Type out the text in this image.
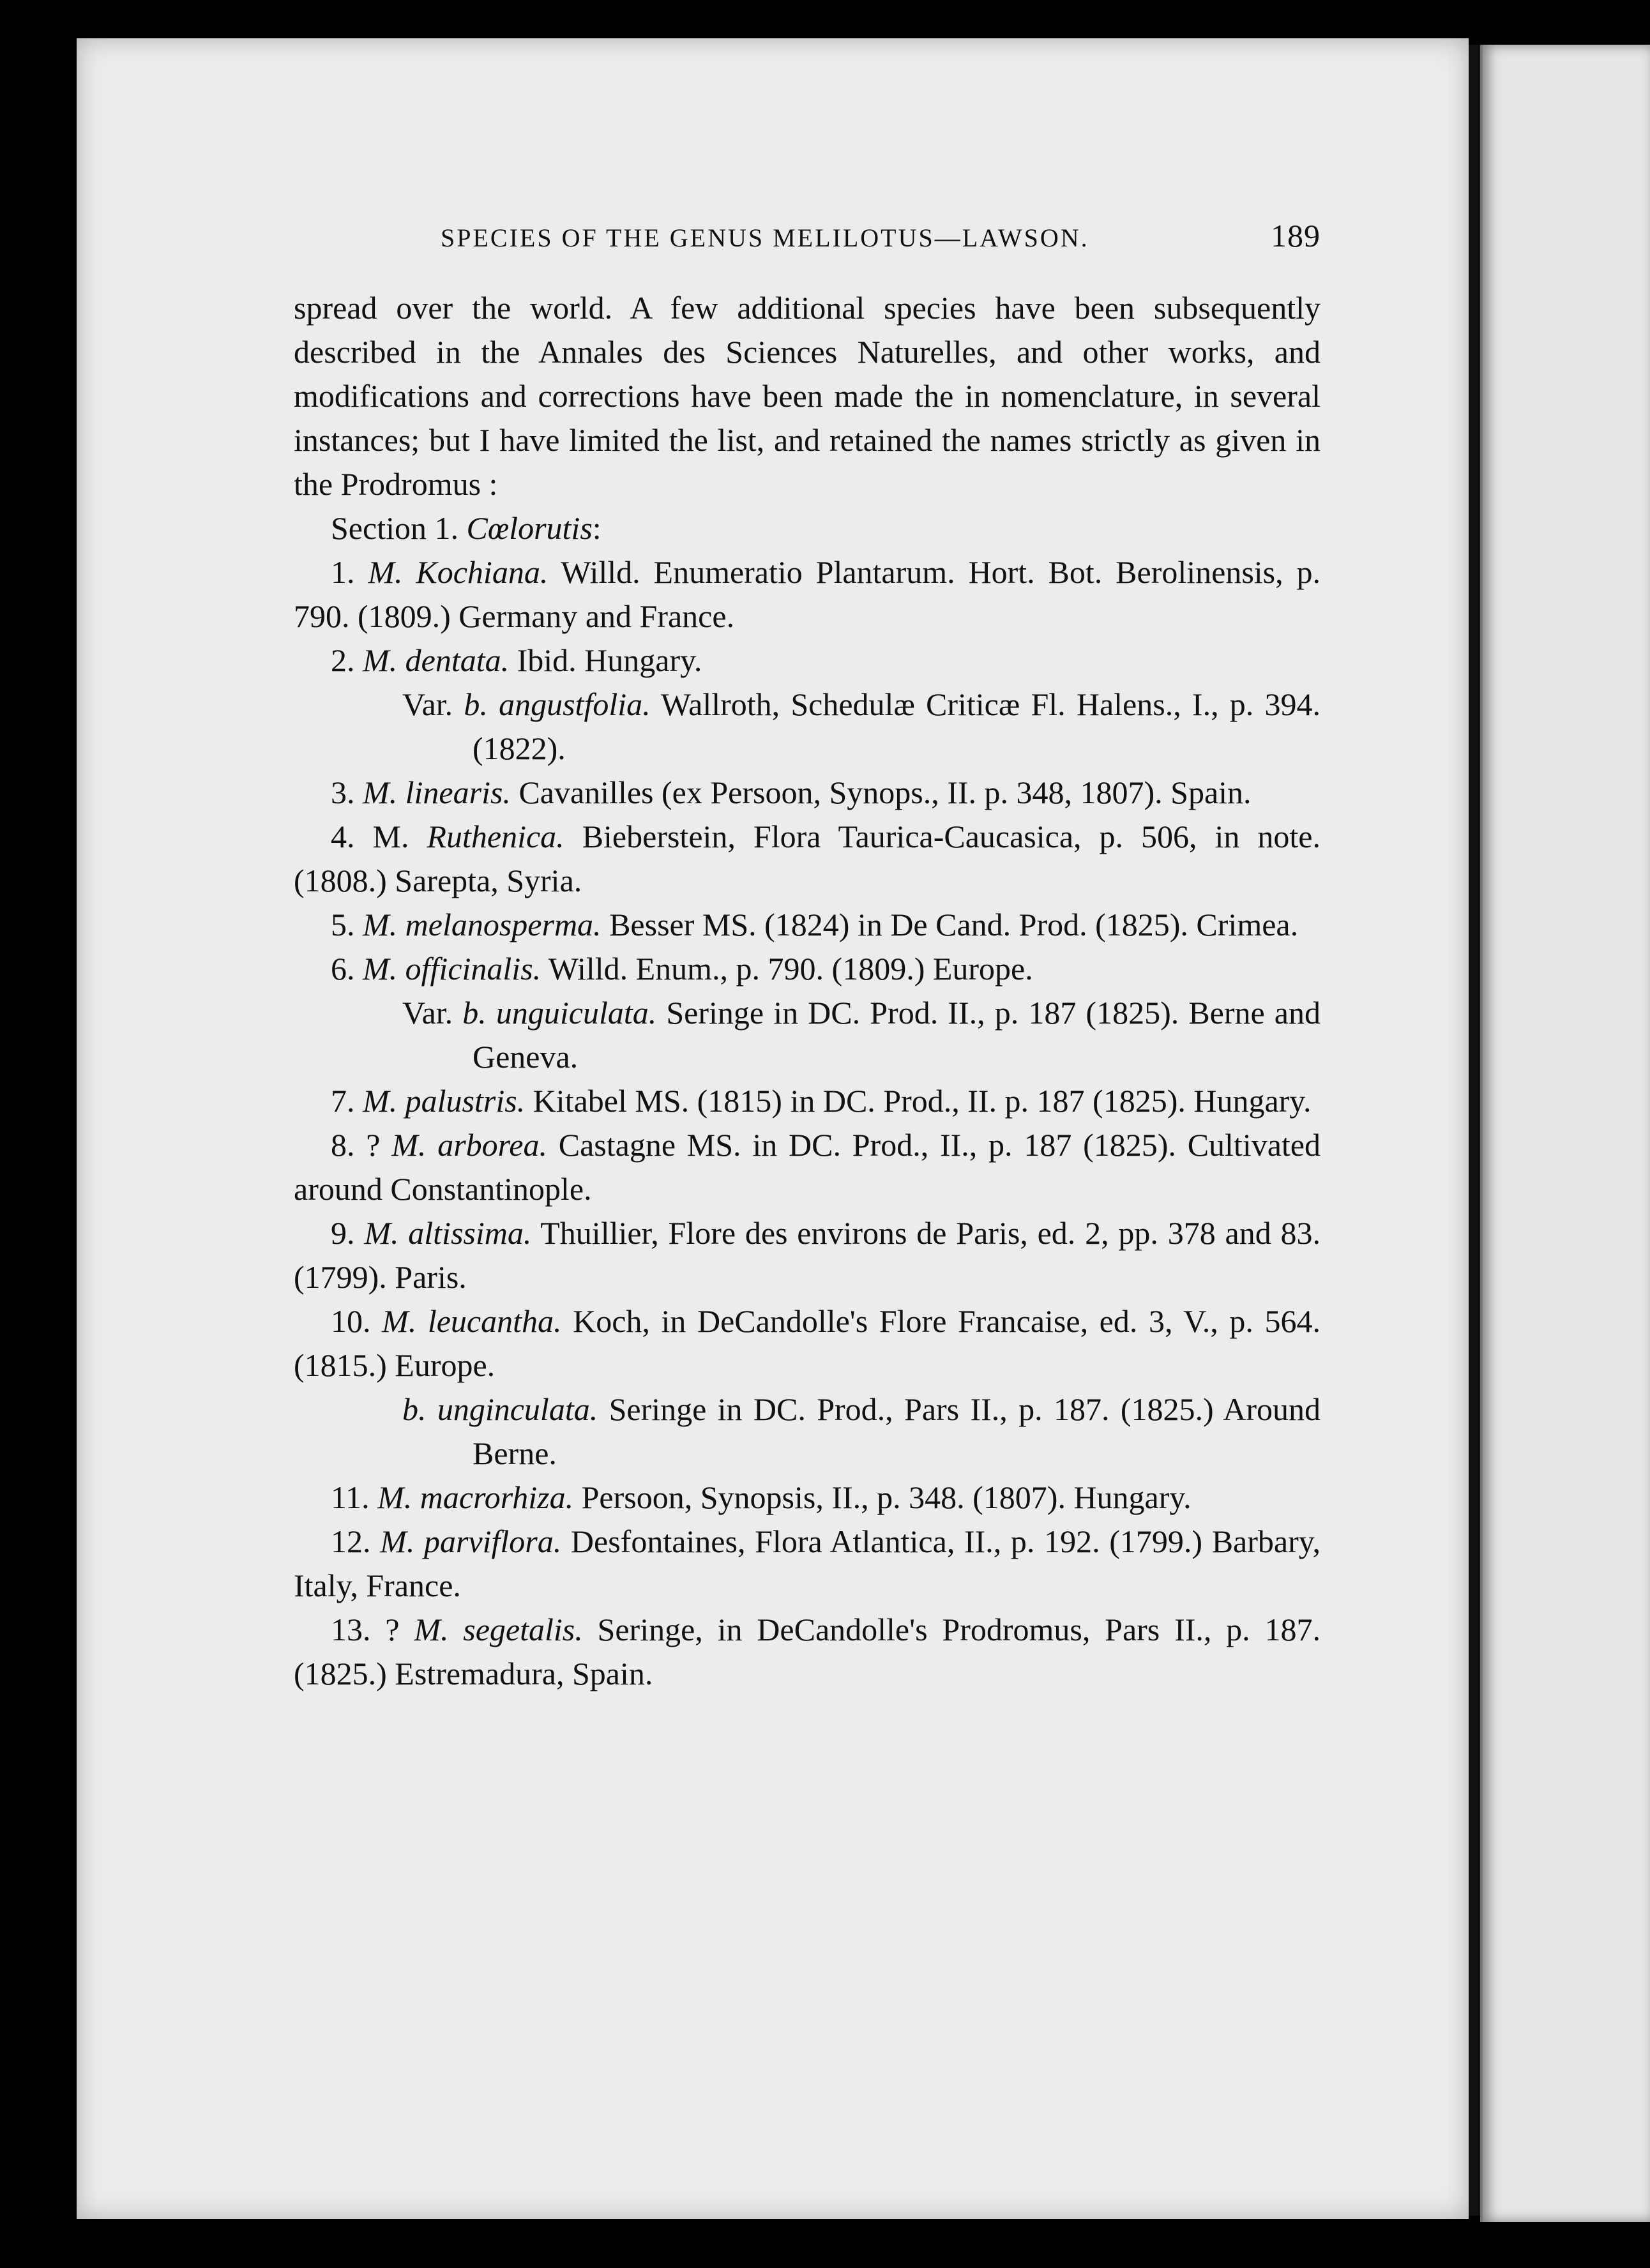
SPECIES OF THE GENUS MELILOTUS—LAWSON.	189

spread over the world. A few additional species have been subsequently described in the Annales des Sciences Naturelles, and other works, and modifications and corrections have been made the in nomenclature, in several instances; but I have limited the list, and retained the names strictly as given in the Prodromus :

Section 1. Cœlorutis:

1. M. Kochiana. Willd. Enumeratio Plantarum. Hort. Bot. Berolinensis, p. 790. (1809.) Germany and France.

2. M. dentata. Ibid. Hungary.

Var. b. angustfolia. Wallroth, Schedulæ Criticæ Fl. Halens., I., p. 394. (1822).

3. M. linearis. Cavanilles (ex Persoon, Synops., II. p. 348, 1807). Spain.

4. M. Ruthenica. Bieberstein, Flora Taurica-Caucasica, p. 506, in note. (1808.) Sarepta, Syria.

5. M. melanosperma. Besser MS. (1824) in De Cand. Prod. (1825). Crimea.

6. M. officinalis. Willd. Enum., p. 790. (1809.) Europe.

Var. b. unguiculata. Seringe in DC. Prod. II., p. 187 (1825). Berne and Geneva.

7. M. palustris. Kitabel MS. (1815) in DC. Prod., II. p. 187 (1825). Hungary.

8. ? M. arborea. Castagne MS. in DC. Prod., II., p. 187 (1825). Cultivated around Constantinople.

9. M. altissima. Thuillier, Flore des environs de Paris, ed. 2, pp. 378 and 83. (1799). Paris.

10. M. leucantha. Koch, in DeCandolle's Flore Francaise, ed. 3, V., p. 564. (1815.) Europe.

b. unginculata. Seringe in DC. Prod., Pars II., p. 187. (1825.) Around Berne.

11. M. macrorhiza. Persoon, Synopsis, II., p. 348. (1807). Hungary.

12. M. parviflora. Desfontaines, Flora Atlantica, II., p. 192. (1799.) Barbary, Italy, France.

13. ? M. segetalis. Seringe, in DeCandolle's Prodromus, Pars II., p. 187. (1825.) Estremadura, Spain.
